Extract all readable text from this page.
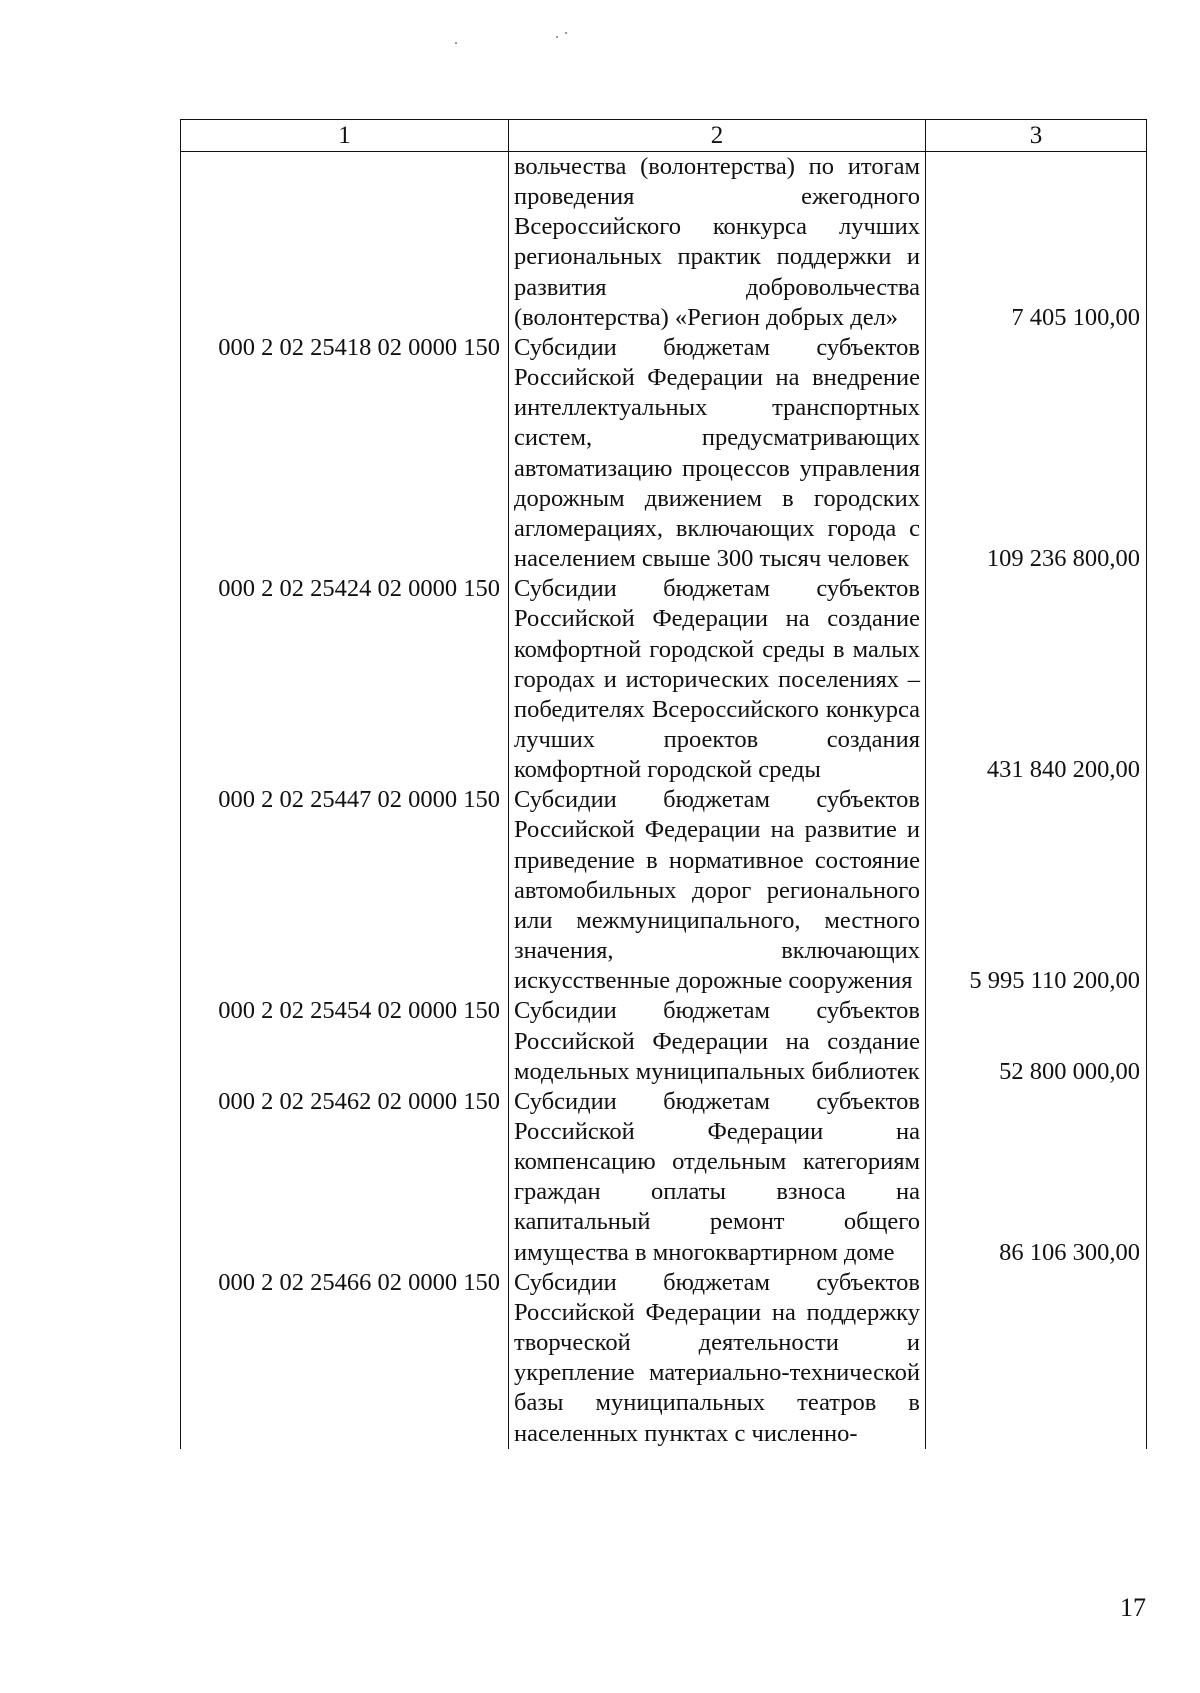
1	2	3
	вольчества (волонтерства) по итогам проведения ежегодного Всероссийского конкурса лучших региональных практик поддержки и развития добровольчества (волонтерства) «Регион добрых дел»	7 405 100,00
000 2 02 25418 02 0000 150	Субсидии бюджетам субъектов Российской Федерации на внедрение интеллектуальных транспортных систем, предусматривающих автоматизацию процессов управления дорожным движением в городских агломерациях, включающих города с населением свыше 300 тысяч человек	109 236 800,00
000 2 02 25424 02 0000 150	Субсидии бюджетам субъектов Российской Федерации на создание комфортной городской среды в малых городах и исторических поселениях – победителях Всероссийского конкурса лучших проектов создания комфортной городской среды	431 840 200,00
000 2 02 25447 02 0000 150	Субсидии бюджетам субъектов Российской Федерации на развитие и приведение в нормативное состояние автомобильных дорог регионального или межмуниципального, местного значения, включающих искусственные дорожные сооружения	5 995 110 200,00
000 2 02 25454 02 0000 150	Субсидии бюджетам субъектов Российской Федерации на создание модельных муниципальных библиотек	52 800 000,00
000 2 02 25462 02 0000 150	Субсидии бюджетам субъектов Российской Федерации на компенсацию отдельным категориям граждан оплаты взноса на капитальный ремонт общего имущества в многоквартирном доме	86 106 300,00
000 2 02 25466 02 0000 150	Субсидии бюджетам субъектов Российской Федерации на поддержку творческой деятельности и укрепление материально-технической базы муниципальных театров в населенных пунктах с численно-	
17
